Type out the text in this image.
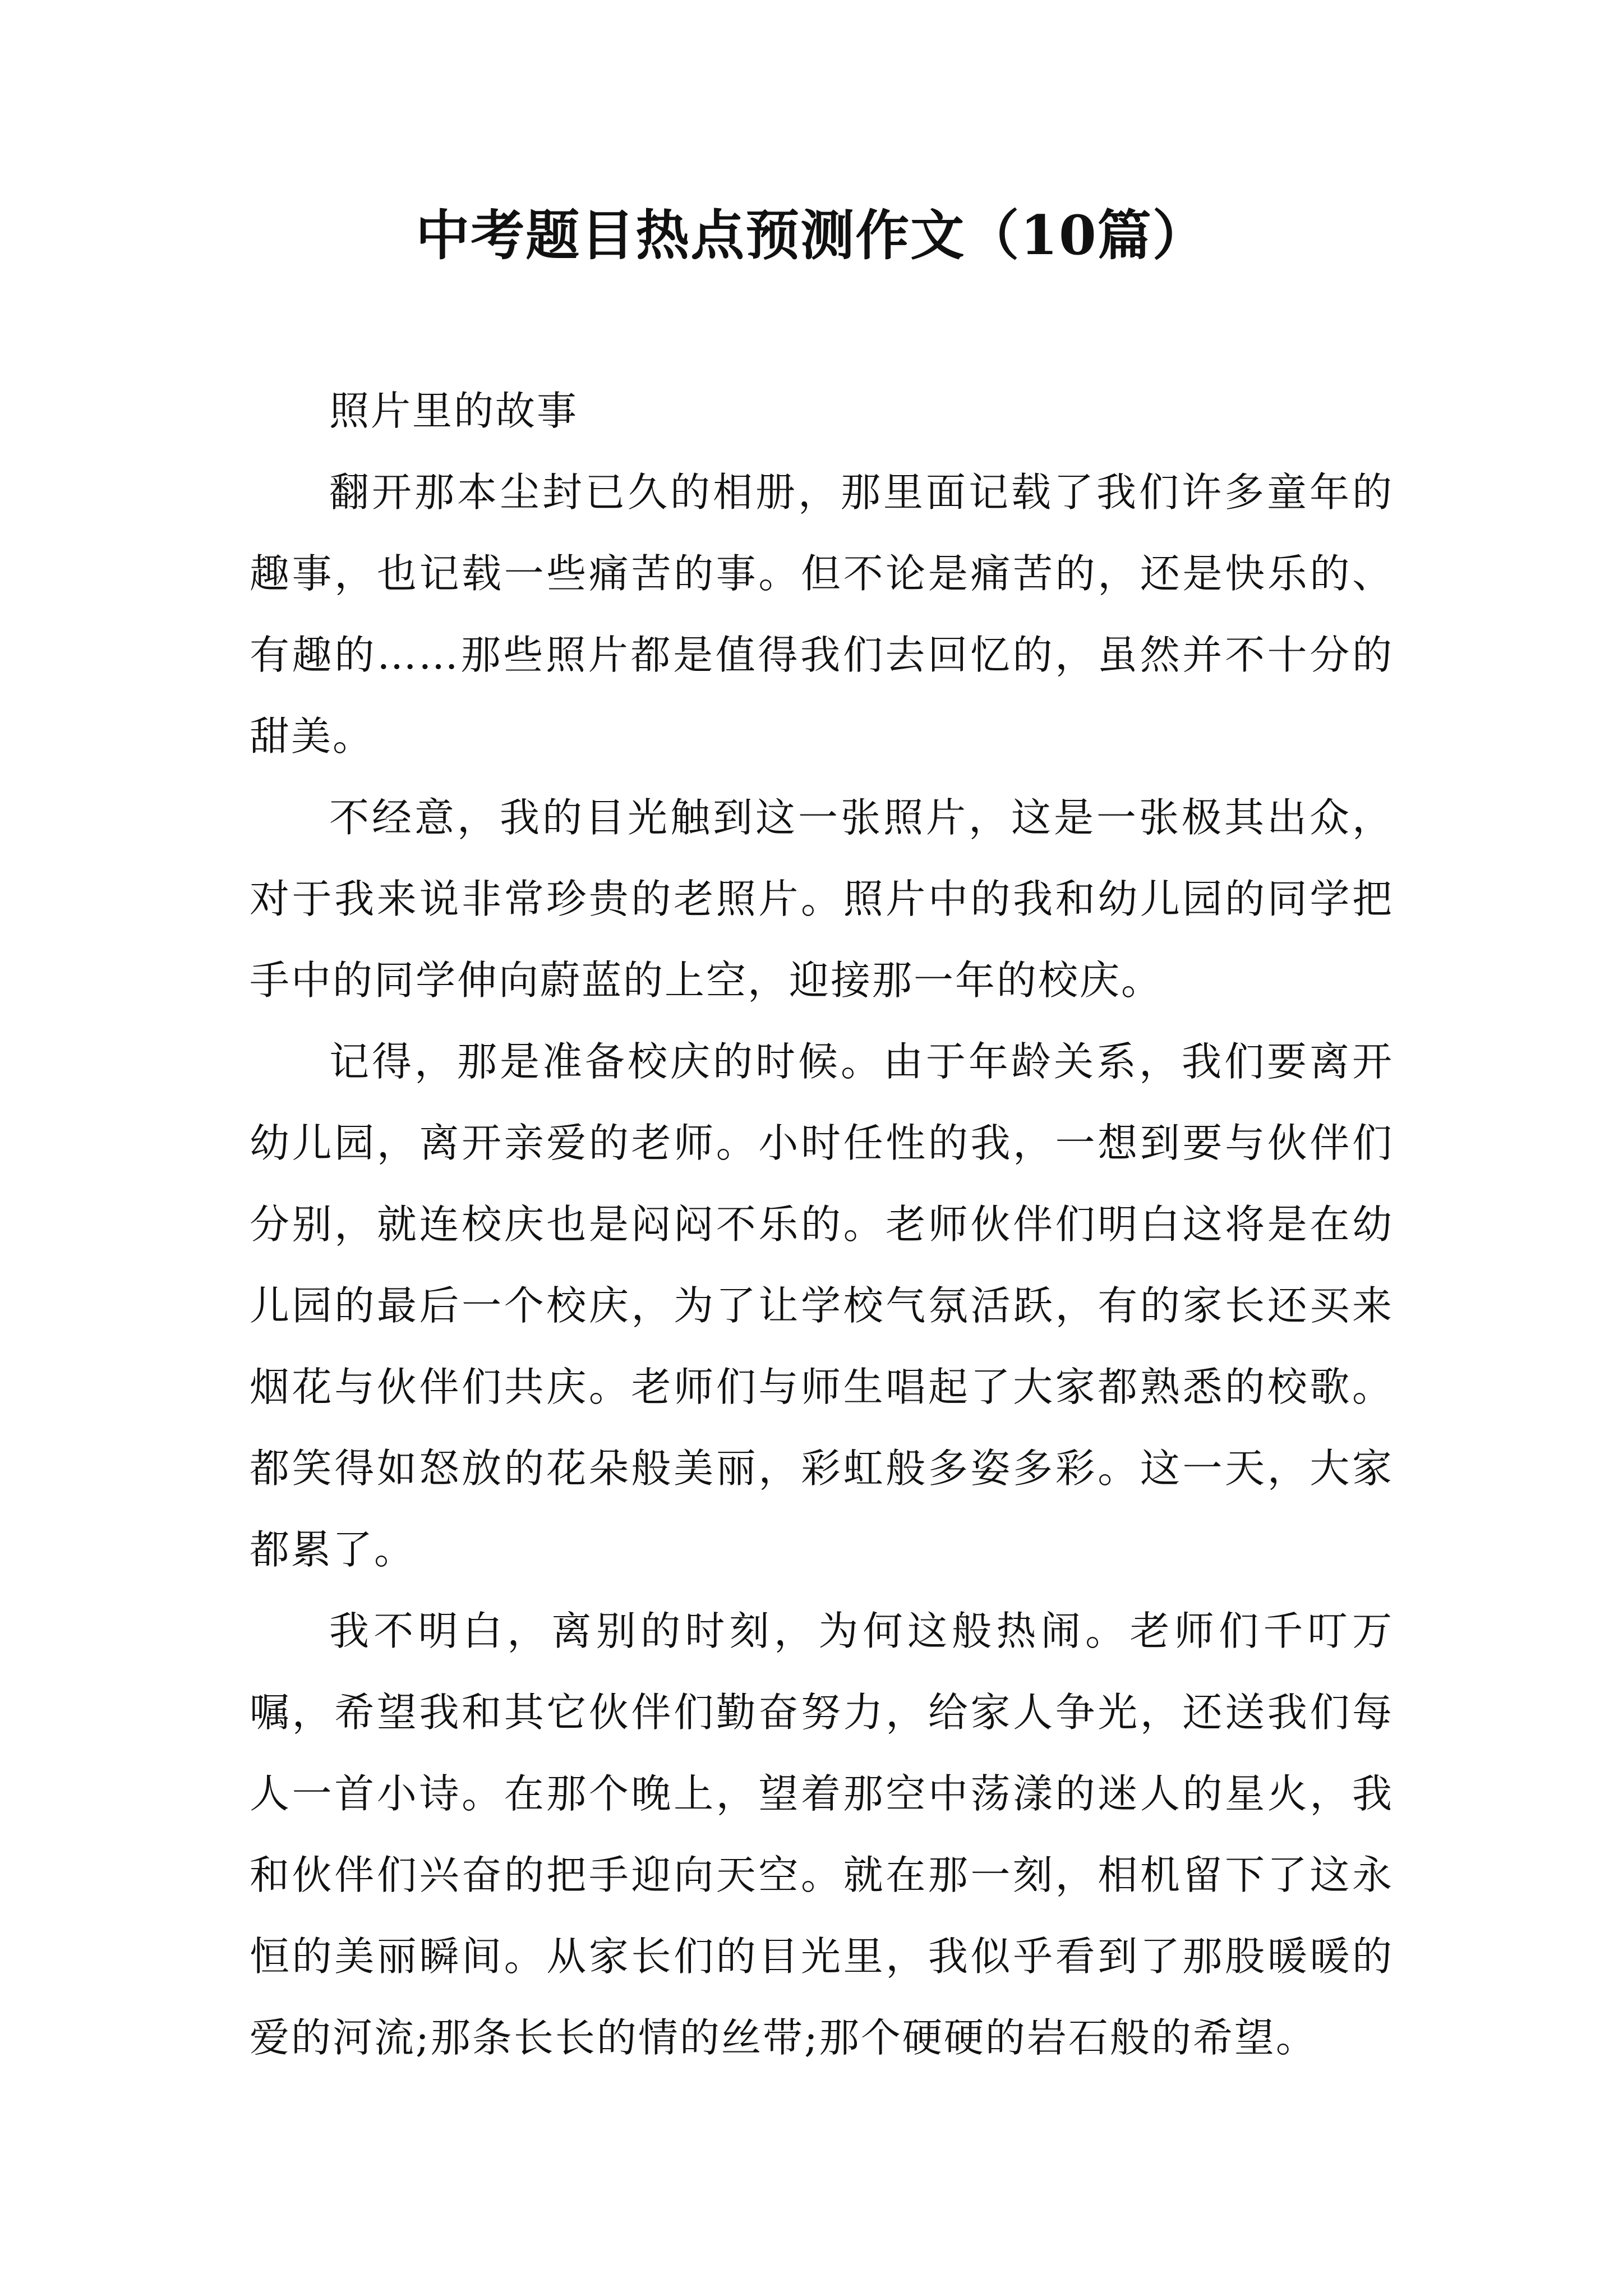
中考题目热点预测作文（10篇）

照片里的故事

翻开那本尘封已久的相册，那里面记载了我们许多童年的趣事，也记载一些痛苦的事。但不论是痛苦的，还是快乐的、有趣的……那些照片都是值得我们去回忆的，虽然并不十分的甜美。

不经意，我的目光触到这一张照片，这是一张极其出众，对于我来说非常珍贵的老照片。照片中的我和幼儿园的同学把手中的同学伸向蔚蓝的上空，迎接那一年的校庆。

记得，那是准备校庆的时候。由于年龄关系，我们要离开幼儿园，离开亲爱的老师。小时任性的我，一想到要与伙伴们分别，就连校庆也是闷闷不乐的。老师伙伴们明白这将是在幼儿园的最后一个校庆，为了让学校气氛活跃，有的家长还买来烟花与伙伴们共庆。老师们与师生唱起了大家都熟悉的校歌。都笑得如怒放的花朵般美丽，彩虹般多姿多彩。这一天，大家都累了。

我不明白，离别的时刻，为何这般热闹。老师们千叮万嘱，希望我和其它伙伴们勤奋努力，给家人争光，还送我们每人一首小诗。在那个晚上，望着那空中荡漾的迷人的星火，我和伙伴们兴奋的把手迎向天空。就在那一刻，相机留下了这永恒的美丽瞬间。从家长们的目光里，我似乎看到了那股暖暖的爱的河流;那条长长的情的丝带;那个硬硬的岩石般的希望。
